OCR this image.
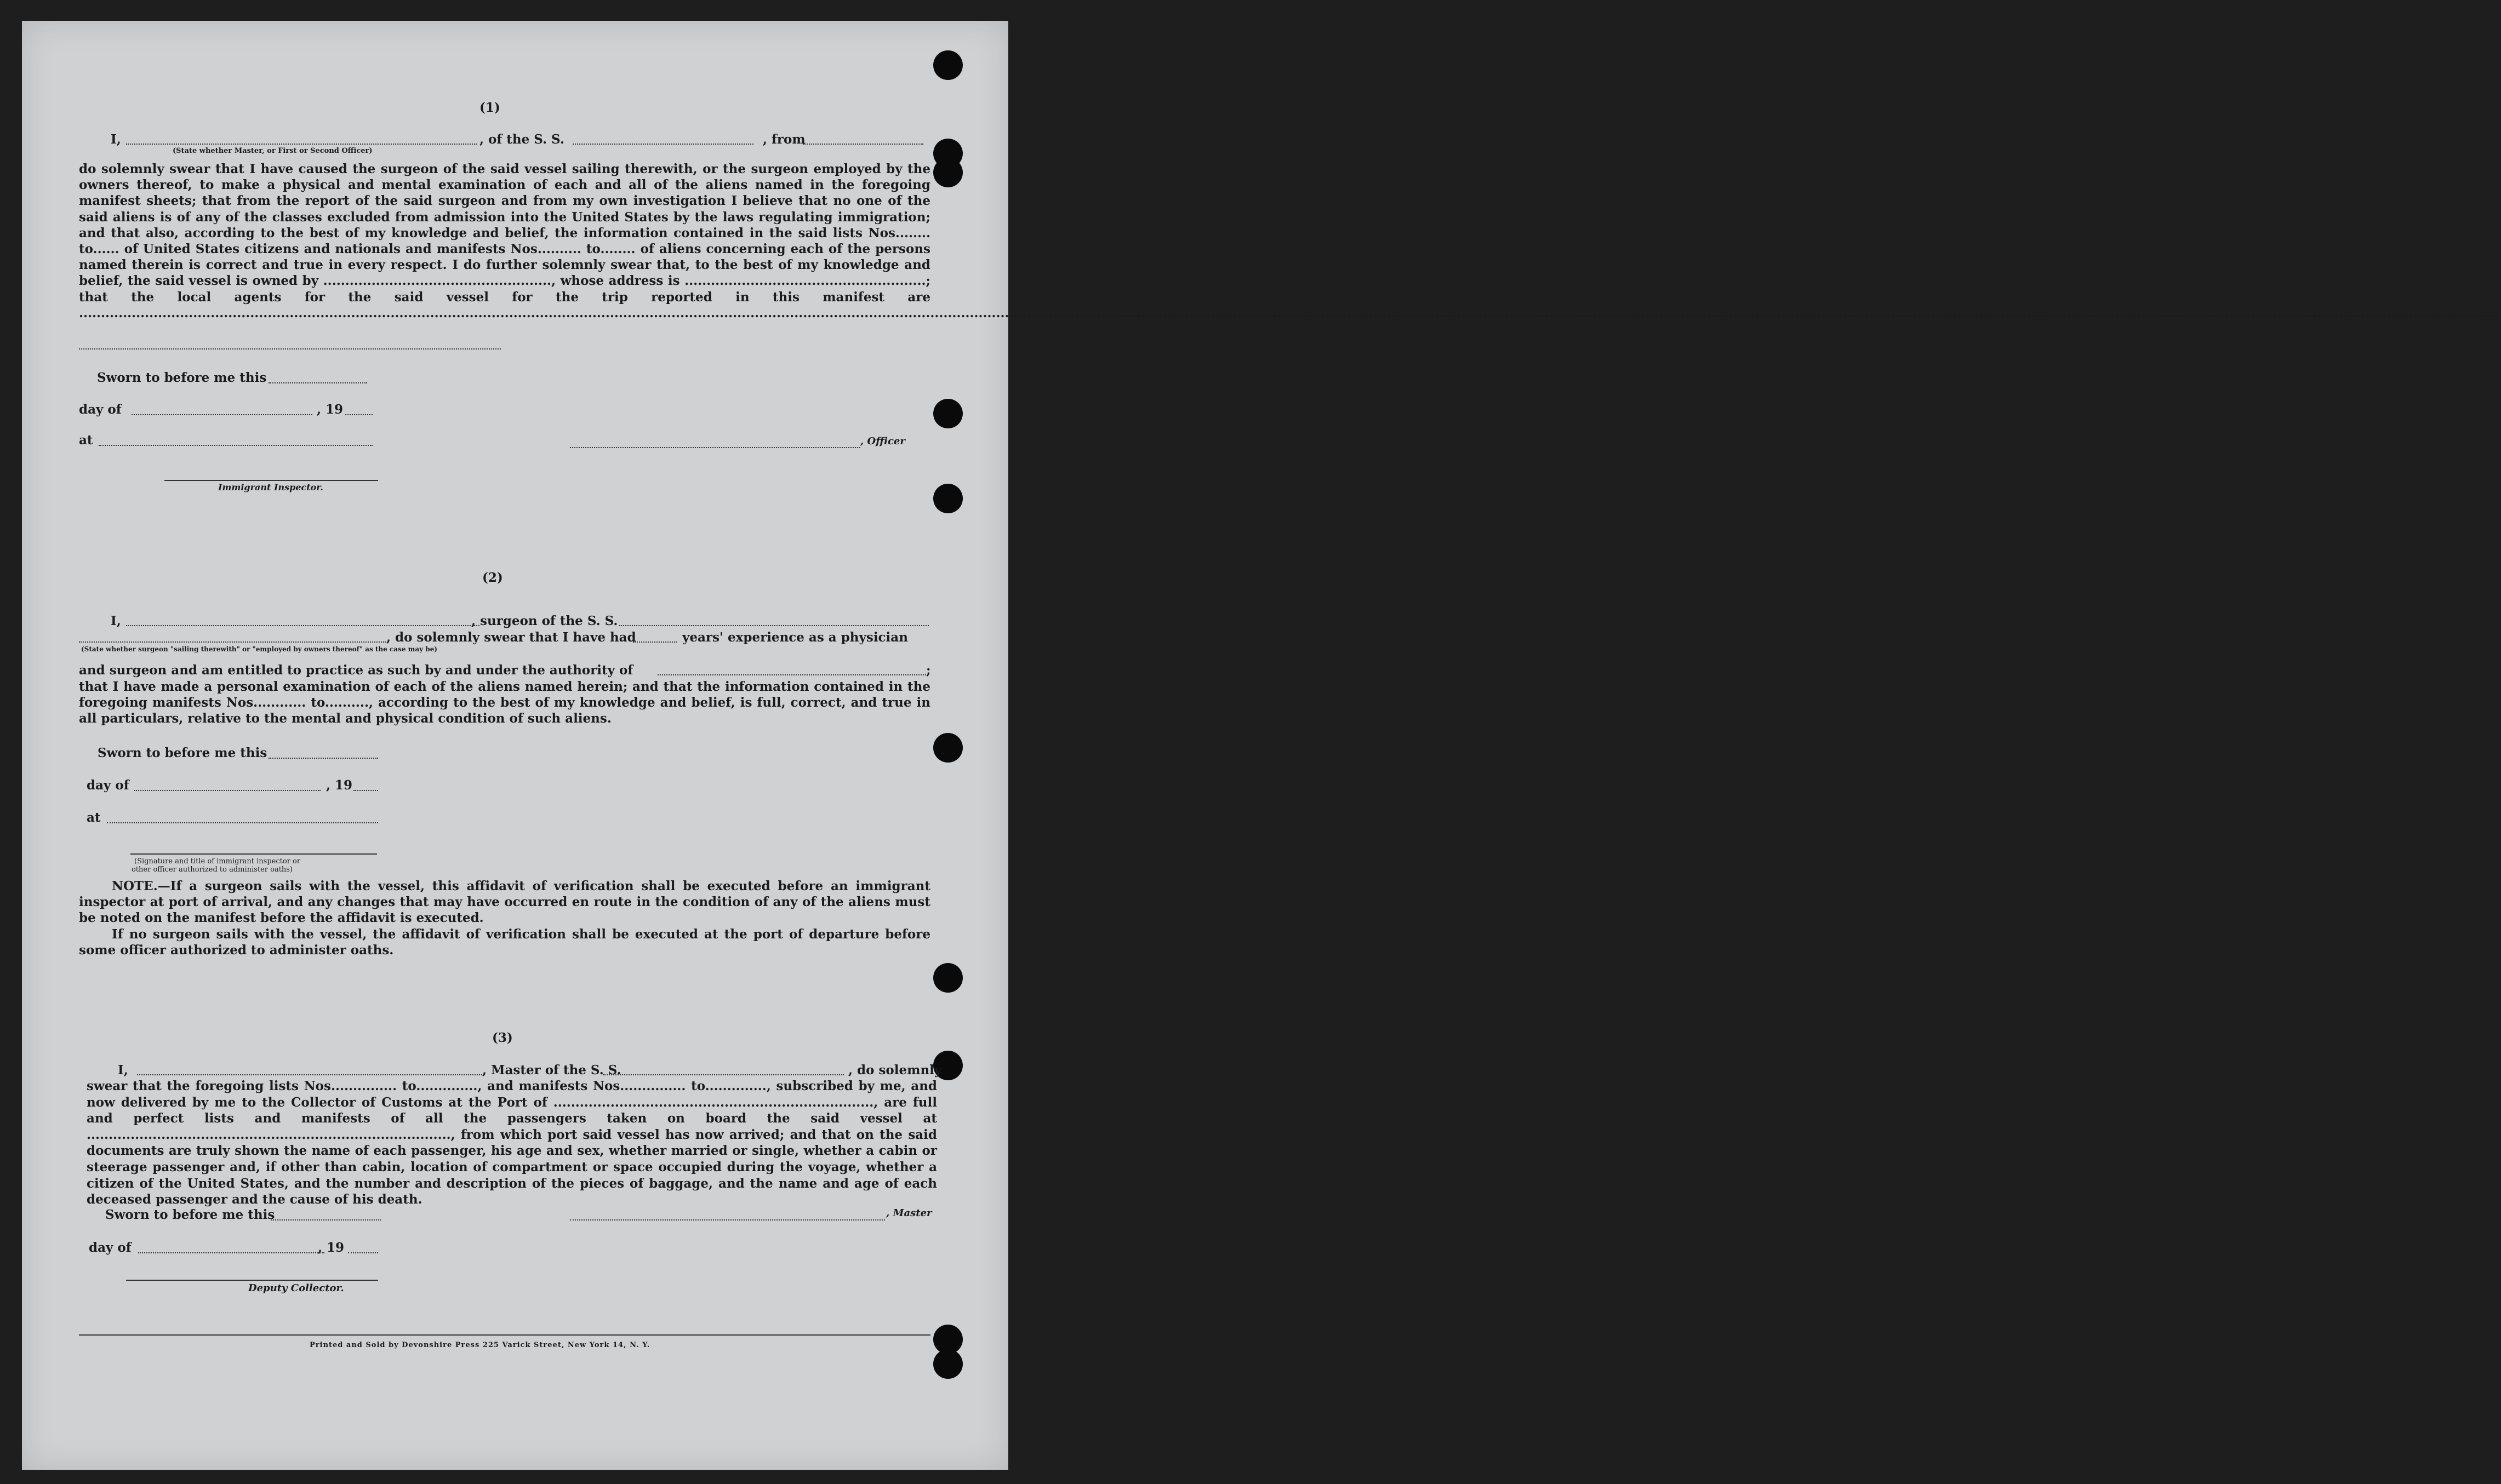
(1)
I,	, of the S. S.	, from
(State whether Master, or First or Second Officer)
do solemnly swear that I have caused the surgeon of the said vessel sailing therewith, or the surgeon employed by the owners thereof, to make a physical and mental examination of each and all of the aliens named in the foregoing manifest sheets; that from the report of the said surgeon and from my own investigation I believe that no one of the said aliens is of any of the classes excluded from admission into the United States by the laws regulating immigration; and that also, according to the best of my knowledge and belief, the information contained in the said lists Nos........ to...... of United States citizens and nationals and manifests Nos.......... to........ of aliens concerning each of the persons named therein is correct and true in every respect. I do further solemnly swear that, to the best of my knowledge and belief, the said vessel is owned by ...................................................., whose address is .......................................................; that the local agents for the said vessel for the trip reported in this manifest are .......................................................................................................................................................................................................................................................................................................................................................................................................................................................................................................................................................................,
Sworn to before me this
day of	, 19
at	, Officer
Immigrant Inspector.
(2)
I,	, surgeon of the S. S.
, do solemnly swear that I have had	years' experience as a physician
(State whether surgeon "sailing therewith" or "employed by owners thereof" as the case may be)
and surgeon and am entitled to practice as such by and under the authority of	;
that I have made a personal examination of each of the aliens named herein; and that the information contained in the foregoing manifests Nos............ to.........., according to the best of my knowledge and belief, is full, correct, and true in all particulars, relative to the mental and physical condition of such aliens.
Sworn to before me this
day of	, 19
at
(Signature and title of immigrant inspector or
other officer authorized to administer oaths)
NOTE.—If a surgeon sails with the vessel, this affidavit of verification shall be executed before an immigrant inspector at port of arrival, and any changes that may have occurred en route in the condition of any of the aliens must be noted on the manifest before the affidavit is executed.
If no surgeon sails with the vessel, the affidavit of verification shall be executed at the port of departure before some officer authorized to administer oaths.
(3)
I,	, Master of the S. S.	, do solemnly
swear that the foregoing lists Nos............... to.............., and manifests Nos............... to.............., subscribed by me, and now delivered by me to the Collector of Customs at the Port of ........................................................................., are full and perfect lists and manifests of all the passengers taken on board the said vessel at ..................................................................................., from which port said vessel has now arrived; and that on the said documents are truly shown the name of each passenger, his age and sex, whether married or single, whether a cabin or steerage passenger and, if other than cabin, location of compartment or space occupied during the voyage, whether a citizen of the United States, and the number and description of the pieces of baggage, and the name and age of each deceased passenger and the cause of his death.
Sworn to before me this	, Master
day of	, 19
Deputy Collector.
Printed and Sold by Devonshire Press 225 Varick Street, New York 14, N. Y.
